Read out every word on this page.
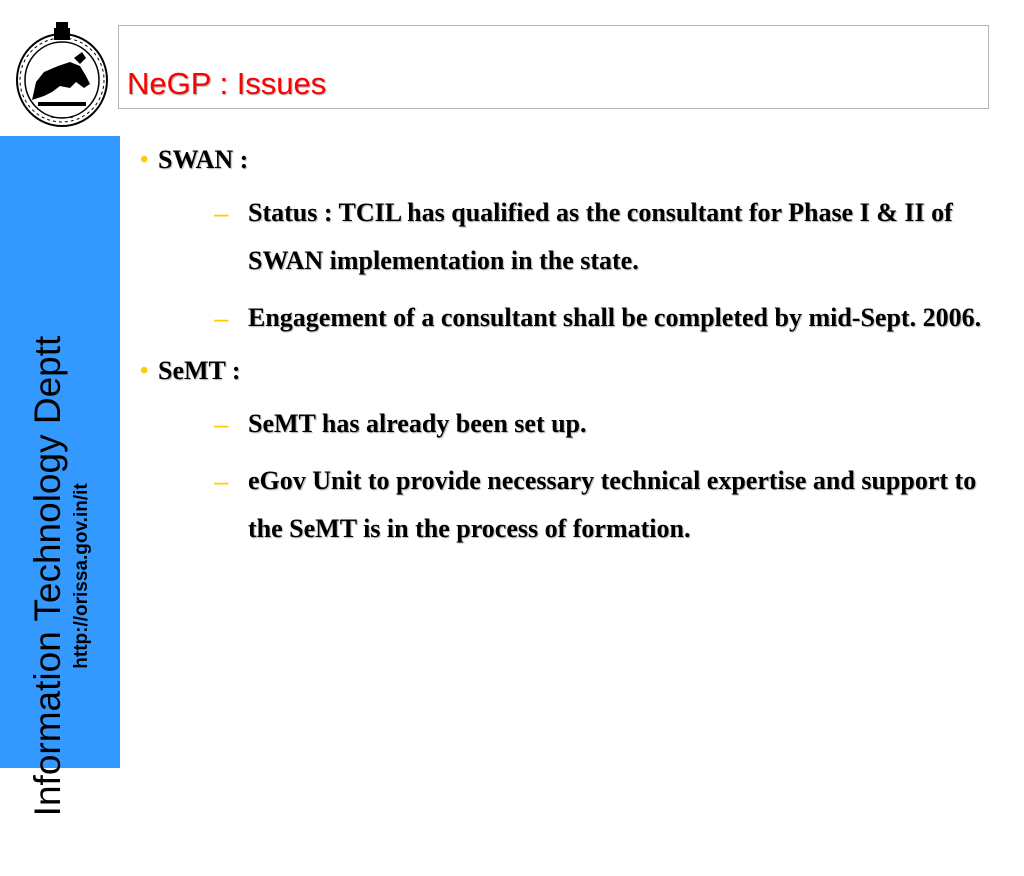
~~~~
NeGP : Issues
Information Technology Deptt http://orissa.gov.in/it
• SWAN :
– Status : TCIL has qualified as the consultant for Phase I & II of SWAN implementation in the state.
– Engagement of a consultant shall be completed by mid-Sept. 2006.
• SeMT :
– SeMT has already been set up.
– eGov Unit to provide necessary technical expertise and support to the SeMT is in the process of formation.
